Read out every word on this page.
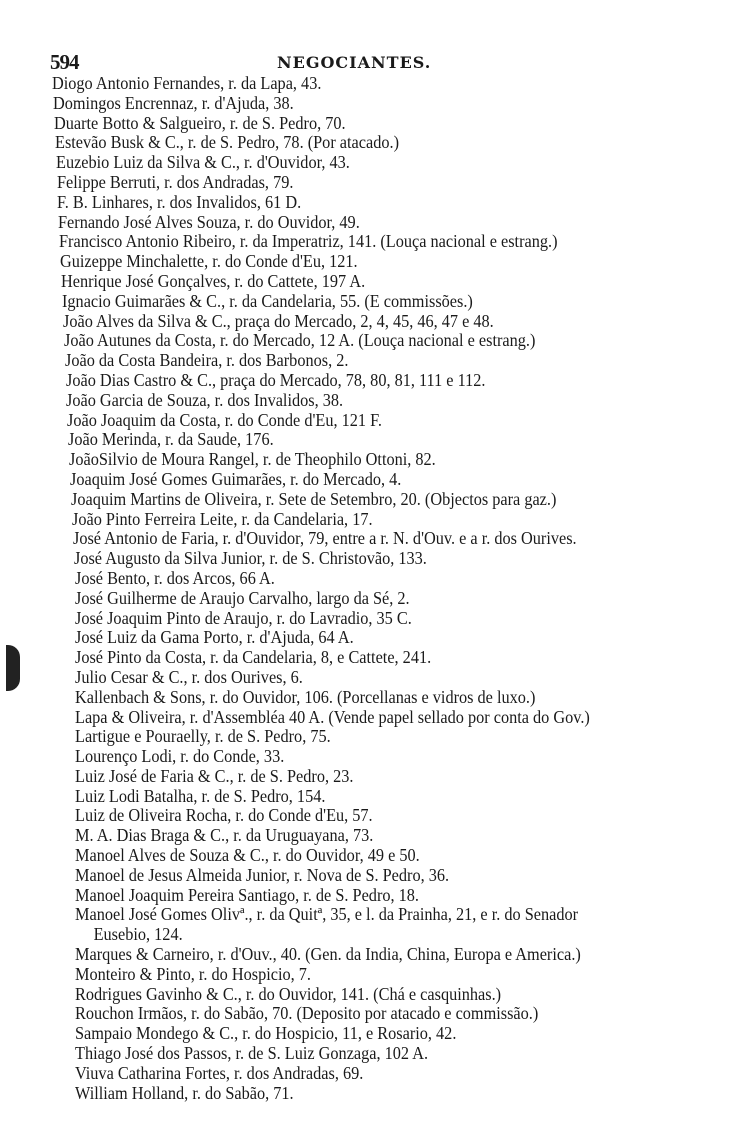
594	NEGOCIANTES.
Diogo Antonio Fernandes, r. da Lapa, 43.
Domingos Encrennaz, r. d'Ajuda, 38.
Duarte Botto & Salgueiro, r. de S. Pedro, 70.
Estevão Busk & C., r. de S. Pedro, 78. (Por atacado.)
Euzebio Luiz da Silva & C., r. d'Ouvidor, 43.
Felippe Berruti, r. dos Andradas, 79.
F. B. Linhares, r. dos Invalidos, 61 D.
Fernando José Alves Souza, r. do Ouvidor, 49.
Francisco Antonio Ribeiro, r. da Imperatriz, 141. (Louça nacional e estrang.)
Guizeppe Minchalette, r. do Conde d'Eu, 121.
Henrique José Gonçalves, r. do Cattete, 197 A.
Ignacio Guimarães & C., r. da Candelaria, 55. (E commissões.)
João Alves da Silva & C., praça do Mercado, 2, 4, 45, 46, 47 e 48.
João Autunes da Costa, r. do Mercado, 12 A. (Louça nacional e estrang.)
João da Costa Bandeira, r. dos Barbonos, 2.
João Dias Castro & C., praça do Mercado, 78, 80, 81, 111 e 112.
João Garcia de Souza, r. dos Invalidos, 38.
João Joaquim da Costa, r. do Conde d'Eu, 121 F.
João Merinda, r. da Saude, 176.
JoãoSilvio de Moura Rangel, r. de Theophilo Ottoni, 82.
Joaquim José Gomes Guimarães, r. do Mercado, 4.
Joaquim Martins de Oliveira, r. Sete de Setembro, 20. (Objectos para gaz.)
João Pinto Ferreira Leite, r. da Candelaria, 17.
José Antonio de Faria, r. d'Ouvidor, 79, entre a r. N. d'Ouv. e a r. dos Ourives.
José Augusto da Silva Junior, r. de S. Christovão, 133.
José Bento, r. dos Arcos, 66 A.
José Guilherme de Araujo Carvalho, largo da Sé, 2.
José Joaquim Pinto de Araujo, r. do Lavradio, 35 C.
José Luiz da Gama Porto, r. d'Ajuda, 64 A.
José Pinto da Costa, r. da Candelaria, 8, e Cattete, 241.
Julio Cesar & C., r. dos Ourives, 6.
Kallenbach & Sons, r. do Ouvidor, 106. (Porcellanas e vidros de luxo.)
Lapa & Oliveira, r. d'Assembléa 40 A. (Vende papel sellado por conta do Gov.)
Lartigue e Pouraelly, r. de S. Pedro, 75.
Lourenço Lodi, r. do Conde, 33.
Luiz José de Faria & C., r. de S. Pedro, 23.
Luiz Lodi Batalha, r. de S. Pedro, 154.
Luiz de Oliveira Rocha, r. do Conde d'Eu, 57.
M. A. Dias Braga & C., r. da Uruguayana, 73.
Manoel Alves de Souza & C., r. do Ouvidor, 49 e 50.
Manoel de Jesus Almeida Junior, r. Nova de S. Pedro, 36.
Manoel Joaquim Pereira Santiago, r. de S. Pedro, 18.
Manoel José Gomes Olivª., r. da Quitª, 35, e l. da Prainha, 21, e r. do Senador
Eusebio, 124.
Marques & Carneiro, r. d'Ouv., 40. (Gen. da India, China, Europa e America.)
Monteiro & Pinto, r. do Hospicio, 7.
Rodrigues Gavinho & C., r. do Ouvidor, 141. (Chá e casquinhas.)
Rouchon Irmãos, r. do Sabão, 70. (Deposito por atacado e commissão.)
Sampaio Mondego & C., r. do Hospicio, 11, e Rosario, 42.
Thiago José dos Passos, r. de S. Luiz Gonzaga, 102 A.
Viuva Catharina Fortes, r. dos Andradas, 69.
William Holland, r. do Sabão, 71.
